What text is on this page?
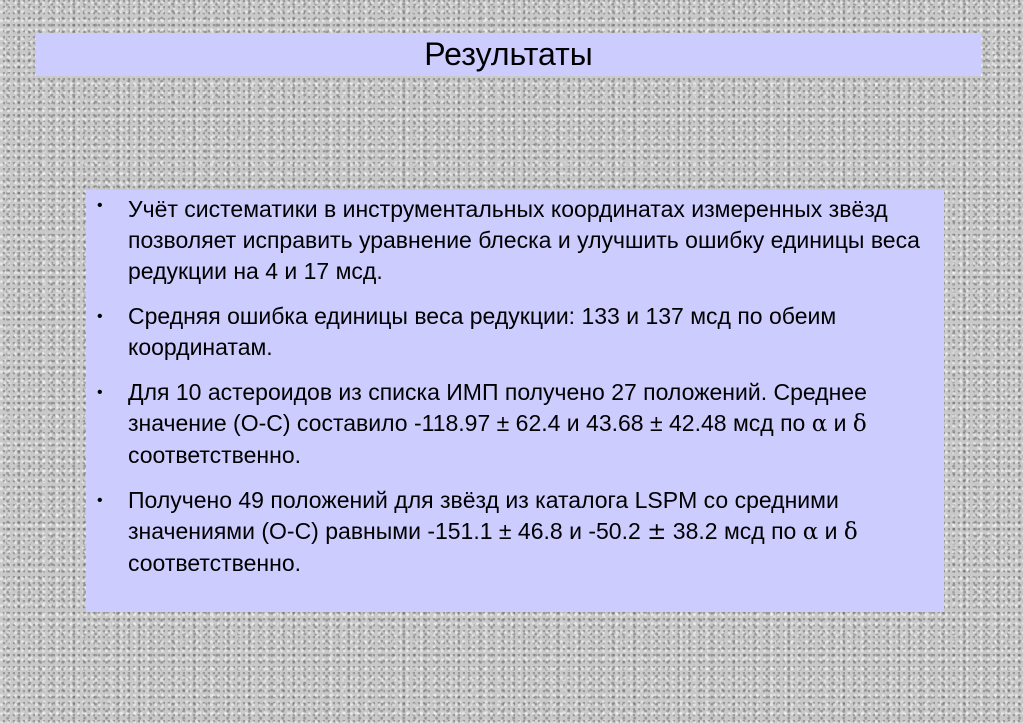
Результаты
• Учёт систематики в инструментальных координатах измеренных звёзд позволяет исправить уравнение блеска и улучшить ошибку единицы веса редукции на 4 и 17 мсд.
• Средняя ошибка единицы веса редукции: 133 и 137 мсд по обеим координатам.
• Для 10 астероидов из списка ИМП получено 27 положений. Среднее значение (О-С) составило -118.97 ± 62.4 и 43.68 ± 42.48 мсд по α и δ соответственно.
• Получено 49 положений для звёзд из каталога LSPM со средними значениями (О-С) равными -151.1 ± 46.8 и -50.2 ± 38.2 мсд по α и δ соответственно.
